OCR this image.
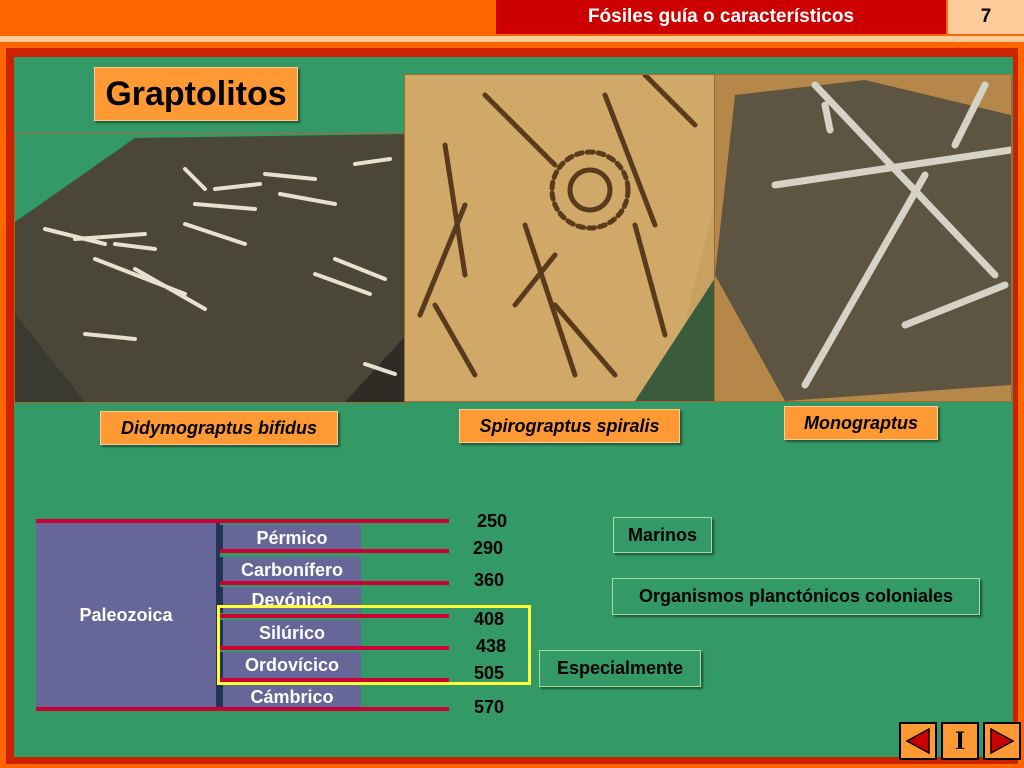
Fósiles guía o característicos	7
Graptolitos
Didymograptus bifidus	Spirograptus spiralis	Monograptus
Paleozoica
Pérmico
Carbonífero
Devónico
Silúrico
Ordovícico
Cámbrico
250
290
360
408
438
505
570
Marinos
Organismos planctónicos coloniales
Especialmente
I
